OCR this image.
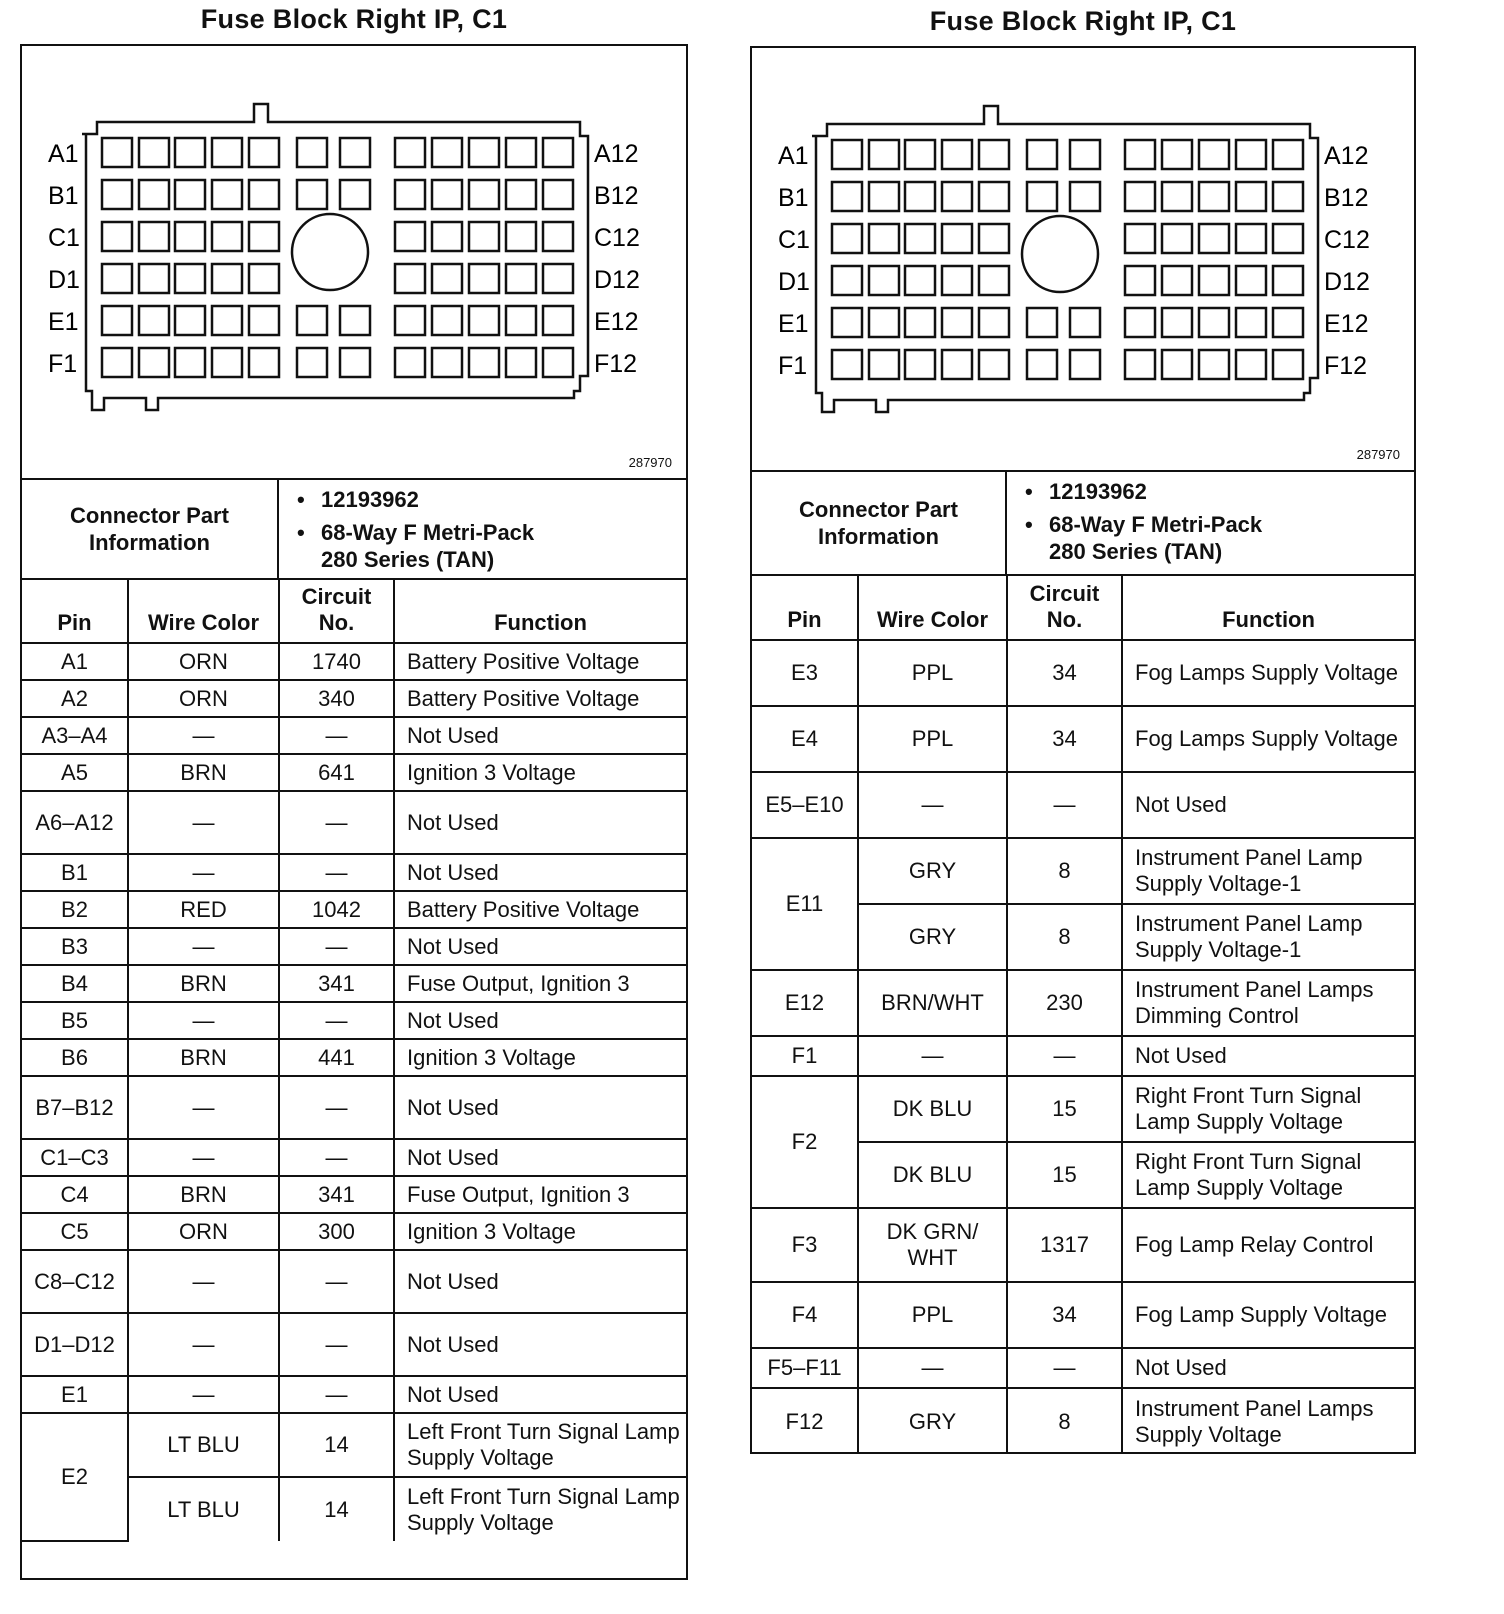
Fuse Block Right IP, C1
A1	A12
B1	B12
C1	C12
D1	D12
E1	E12
F1	F12
287970
Connector Part Information
• 12193962
• 68-Way F Metri-Pack
280 Series (TAN)
Pin	Wire Color	Circuit No.	Function
A1	ORN	1740	Battery Positive Voltage
A2	ORN	340	Battery Positive Voltage
A3–A4	—	—	Not Used
A5	BRN	641	Ignition 3 Voltage
A6–A12	—	—	Not Used
B1	—	—	Not Used
B2	RED	1042	Battery Positive Voltage
B3	—	—	Not Used
B4	BRN	341	Fuse Output, Ignition 3
B5	—	—	Not Used
B6	BRN	441	Ignition 3 Voltage
B7–B12	—	—	Not Used
C1–C3	—	—	Not Used
C4	BRN	341	Fuse Output, Ignition 3
C5	ORN	300	Ignition 3 Voltage
C8–C12	—	—	Not Used
D1–D12	—	—	Not Used
E1	—	—	Not Used
E2	LT BLU	14	Left Front Turn Signal Lamp Supply Voltage
	LT BLU	14	Left Front Turn Signal Lamp Supply Voltage
Fuse Block Right IP, C1
A1	A12
B1	B12
C1	C12
D1	D12
E1	E12
F1	F12
287970
Connector Part Information
• 12193962
• 68-Way F Metri-Pack
280 Series (TAN)
Pin	Wire Color	Circuit No.	Function
E3	PPL	34	Fog Lamps Supply Voltage
E4	PPL	34	Fog Lamps Supply Voltage
E5–E10	—	—	Not Used
E11	GRY	8	Instrument Panel Lamp Supply Voltage-1
	GRY	8	Instrument Panel Lamp Supply Voltage-1
E12	BRN/WHT	230	Instrument Panel Lamps Dimming Control
F1	—	—	Not Used
F2	DK BLU	15	Right Front Turn Signal Lamp Supply Voltage
	DK BLU	15	Right Front Turn Signal Lamp Supply Voltage
F3	DK GRN/ WHT	1317	Fog Lamp Relay Control
F4	PPL	34	Fog Lamp Supply Voltage
F5–F11	—	—	Not Used
F12	GRY	8	Instrument Panel Lamps Supply Voltage
